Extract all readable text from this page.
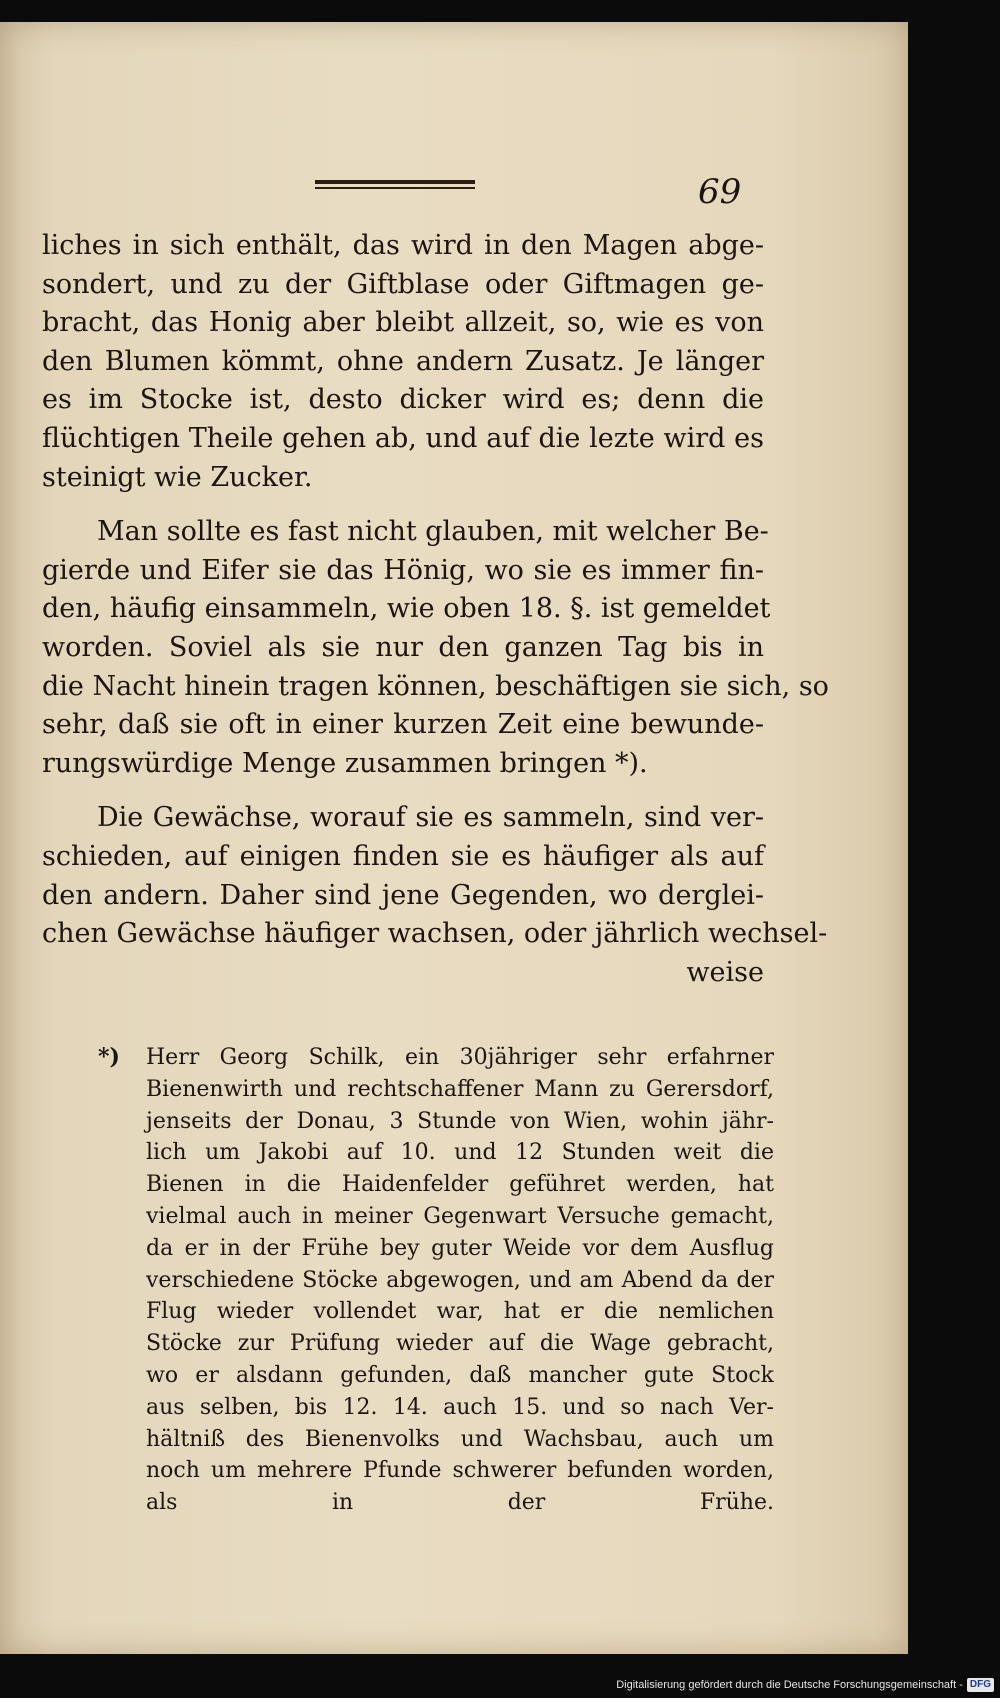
69
liches in sich enthält, das wird in den Magen abge-
sondert, und zu der Giftblase oder Giftmagen ge-
bracht, das Honig aber bleibt allzeit, so, wie es von
den Blumen kömmt, ohne andern Zusatz. Je länger
es im Stocke ist, desto dicker wird es; denn die
flüchtigen Theile gehen ab, und auf die lezte wird es
steinigt wie Zucker.
Man sollte es fast nicht glauben, mit welcher Be-
gierde und Eifer sie das Hönig, wo sie es immer fin-
den, häufig einsammeln, wie oben 18. §. ist gemeldet
worden. Soviel als sie nur den ganzen Tag bis in
die Nacht hinein tragen können, beschäftigen sie sich, so
sehr, daß sie oft in einer kurzen Zeit eine bewunde-
rungswürdige Menge zusammen bringen *).
Die Gewächse, worauf sie es sammeln, sind ver-
schieden, auf einigen finden sie es häufiger als auf
den andern. Daher sind jene Gegenden, wo derglei-
chen Gewächse häufiger wachsen, oder jährlich wechsel-
weise
*) Herr Georg Schilk, ein 30jähriger sehr erfahrner
Bienenwirth und rechtschaffener Mann zu Gerersdorf,
jenseits der Donau, 3 Stunde von Wien, wohin jähr-
lich um Jakobi auf 10. und 12 Stunden weit die
Bienen in die Haidenfelder geführet werden, hat
vielmal auch in meiner Gegenwart Versuche gemacht,
da er in der Frühe bey guter Weide vor dem Ausflug
verschiedene Stöcke abgewogen, und am Abend da der
Flug wieder vollendet war, hat er die nemlichen
Stöcke zur Prüfung wieder auf die Wage gebracht,
wo er alsdann gefunden, daß mancher gute Stock
aus selben, bis 12. 14. auch 15. und so nach Ver-
hältniß des Bienenvolks und Wachsbau, auch um
noch um mehrere Pfunde schwerer befunden worden,
als in der Frühe.
Digitalisierung gefördert durch die Deutsche Forschungsgemeinschaft - DFG
